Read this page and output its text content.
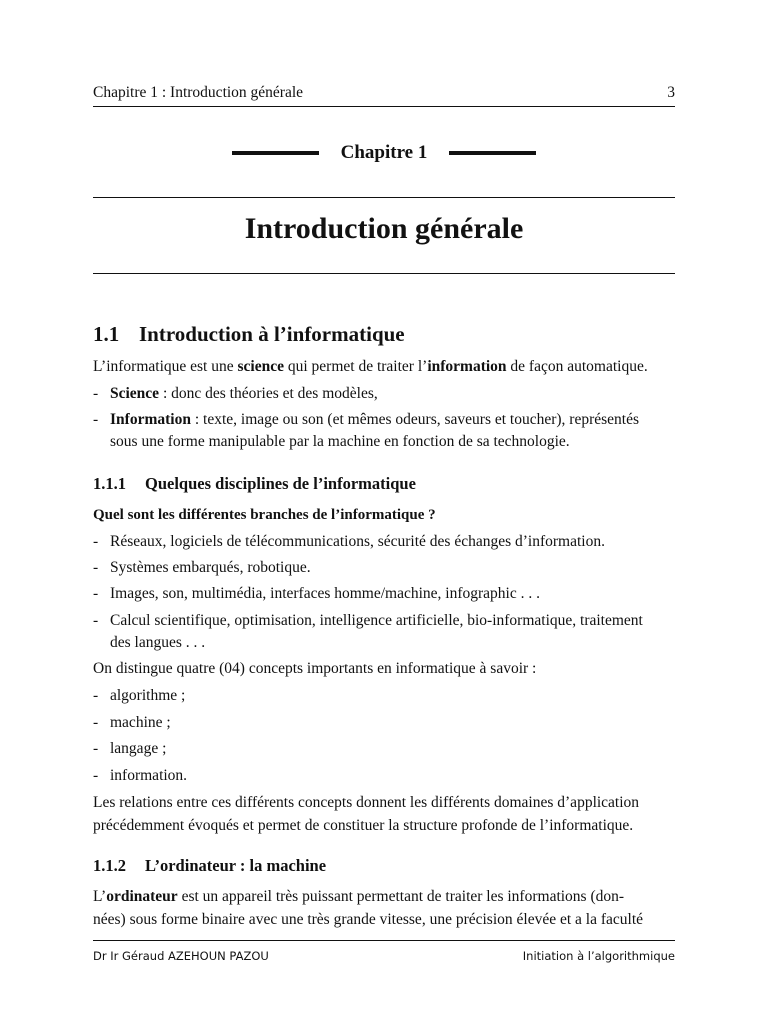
Chapitre 1 : Introduction générale	3
Chapitre 1
Introduction générale
1.1 Introduction à l’informatique
L’informatique est une science qui permet de traiter l’information de façon automatique.
- Science : donc des théories et des modèles,
- Information : texte, image ou son (et mêmes odeurs, saveurs et toucher), représentés
sous une forme manipulable par la machine en fonction de sa technologie.
1.1.1 Quelques disciplines de l’informatique
Quel sont les différentes branches de l’informatique ?
- Réseaux, logiciels de télécommunications, sécurité des échanges d’information.
- Systèmes embarqués, robotique.
- Images, son, multimédia, interfaces homme/machine, infographic . . .
- Calcul scientifique, optimisation, intelligence artificielle, bio-informatique, traitement
des langues . . .
On distingue quatre (04) concepts importants en informatique à savoir :
- algorithme ;
- machine ;
- langage ;
- information.
Les relations entre ces différents concepts donnent les différents domaines d’application
précédemment évoqués et permet de constituer la structure profonde de l’informatique.
1.1.2 L’ordinateur : la machine
L’ordinateur est un appareil très puissant permettant de traiter les informations (don-
nées) sous forme binaire avec une très grande vitesse, une précision élevée et a la faculté
Dr Ir Géraud AZEHOUN PAZOU	Initiation à l’algorithmique
